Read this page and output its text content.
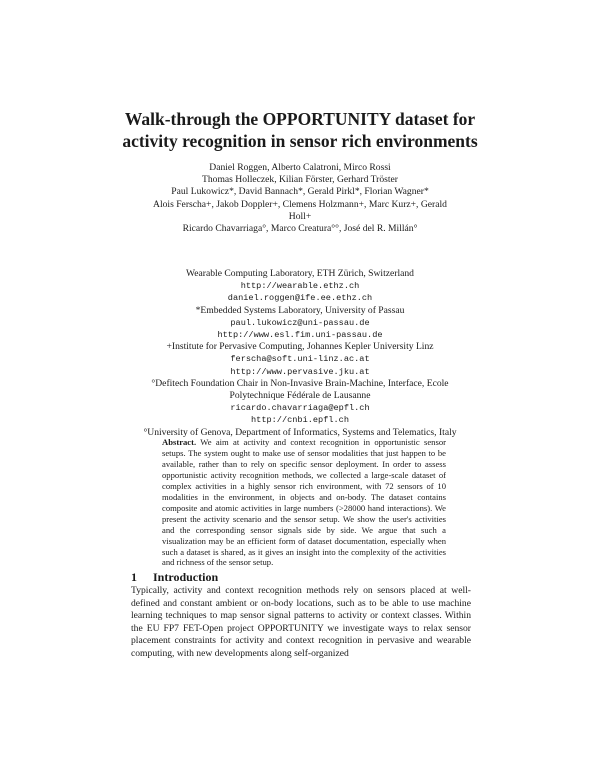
Walk-through the OPPORTUNITY dataset for
activity recognition in sensor rich environments
Daniel Roggen, Alberto Calatroni, Mirco Rossi
Thomas Holleczek, Kilian Förster, Gerhard Tröster
Paul Lukowicz*, David Bannach*, Gerald Pirkl*, Florian Wagner*
Alois Ferscha+, Jakob Doppler+, Clemens Holzmann+, Marc Kurz+, Gerald
Holl+
Ricardo Chavarriaga°, Marco Creatura°°, José del R. Millán°
Wearable Computing Laboratory, ETH Zürich, Switzerland
http://wearable.ethz.ch
daniel.roggen@ife.ee.ethz.ch
*Embedded Systems Laboratory, University of Passau
paul.lukowicz@uni-passau.de
http://www.esl.fim.uni-passau.de
+Institute for Pervasive Computing, Johannes Kepler University Linz
ferscha@soft.uni-linz.ac.at
http://www.pervasive.jku.at
°Defitech Foundation Chair in Non-Invasive Brain-Machine, Interface, Ecole
Polytechnique Fédérale de Lausanne
ricardo.chavarriaga@epfl.ch
http://cnbi.epfl.ch
°University of Genova, Department of Informatics, Systems and Telematics, Italy
Abstract. We aim at activity and context recognition in opportunistic sensor setups. The system ought to make use of sensor modalities that just happen to be available, rather than to rely on specific sensor deployment. In order to assess opportunistic activity recognition methods, we collected a large-scale dataset of complex activities in a highly sensor rich environment, with 72 sensors of 10 modalities in the environment, in objects and on-body. The dataset contains composite and atomic activities in large numbers (>28000 hand interactions). We present the activity scenario and the sensor setup. We show the user's activities and the corresponding sensor signals side by side. We argue that such a visualization may be an efficient form of dataset documentation, especially when such a dataset is shared, as it gives an insight into the complexity of the activities and richness of the sensor setup.
1 Introduction
Typically, activity and context recognition methods rely on sensors placed at well-defined and constant ambient or on-body locations, such as to be able to use machine learning techniques to map sensor signal patterns to activity or context classes. Within the EU FP7 FET-Open project OPPORTUNITY we investigate ways to relax sensor placement constraints for activity and context recognition in pervasive and wearable computing, with new developments along self-organized
